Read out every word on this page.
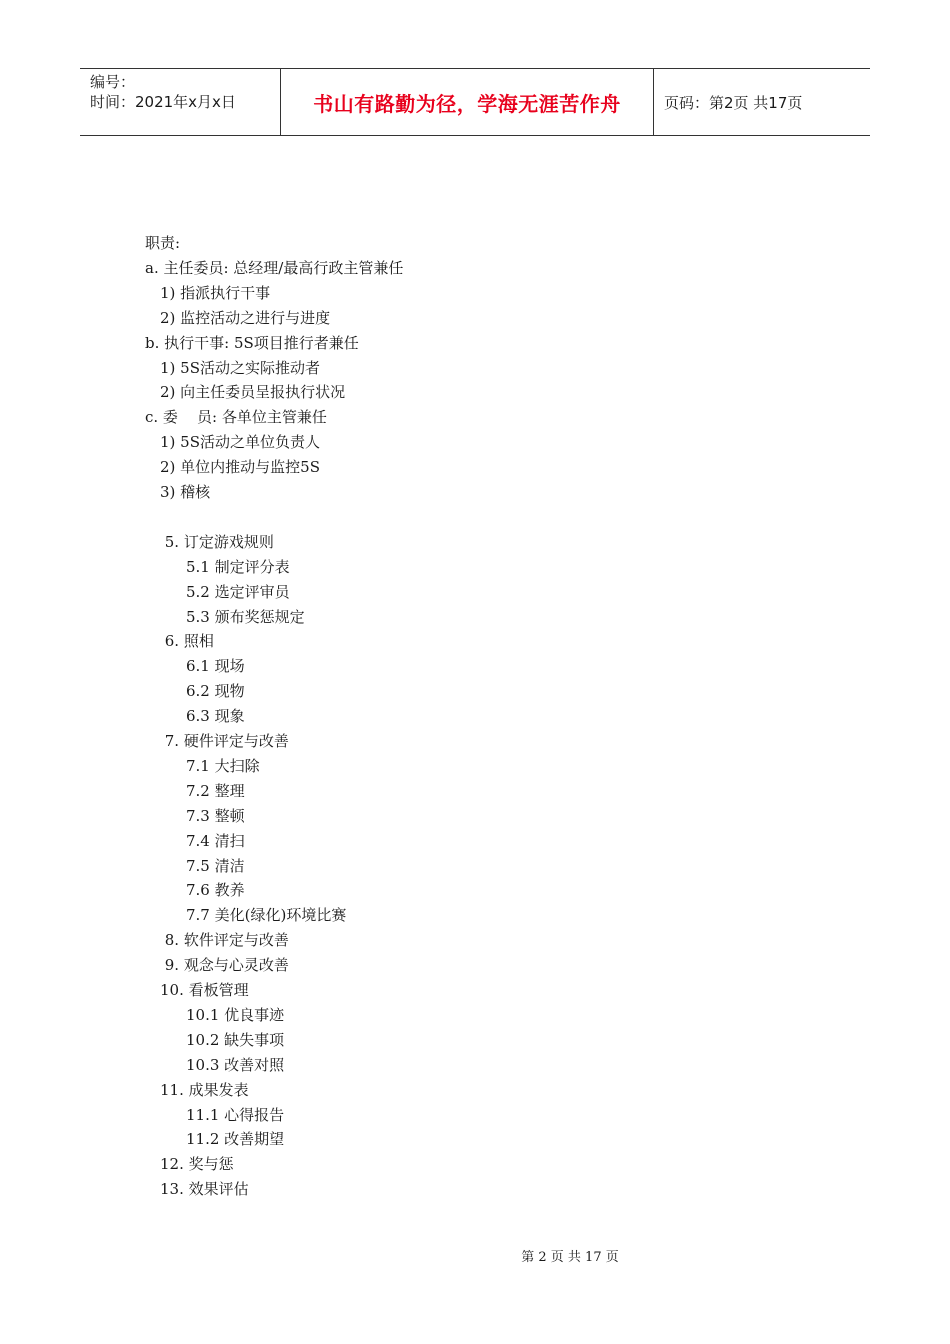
编号：
时间：2021年x月x日	书山有路勤为径，学海无涯苦作舟	页码：第2页 共17页
职责:
a. 主任委员: 总经理/最高行政主管兼任
1) 指派执行干事
2) 监控活动之进行与进度
b. 执行干事: 5S项目推行者兼任
1) 5S活动之实际推动者
2) 向主任委员呈报执行状况
c. 委    员: 各单位主管兼任
1) 5S活动之单位负责人
2) 单位内推动与监控5S
3) 稽核
5. 订定游戏规则
5.1 制定评分表
5.2 选定评审员
5.3 颁布奖惩规定
6. 照相
6.1 现场
6.2 现物
6.3 现象
7. 硬件评定与改善
7.1 大扫除
7.2 整理
7.3 整顿
7.4 清扫
7.5 清洁
7.6 教养
7.7 美化(绿化)环境比赛
8. 软件评定与改善
9. 观念与心灵改善
10. 看板管理
10.1 优良事迹
10.2 缺失事项
10.3 改善对照
11. 成果发表
11.1 心得报告
11.2 改善期望
12. 奖与惩
13. 效果评估
第 2 页 共 17 页
